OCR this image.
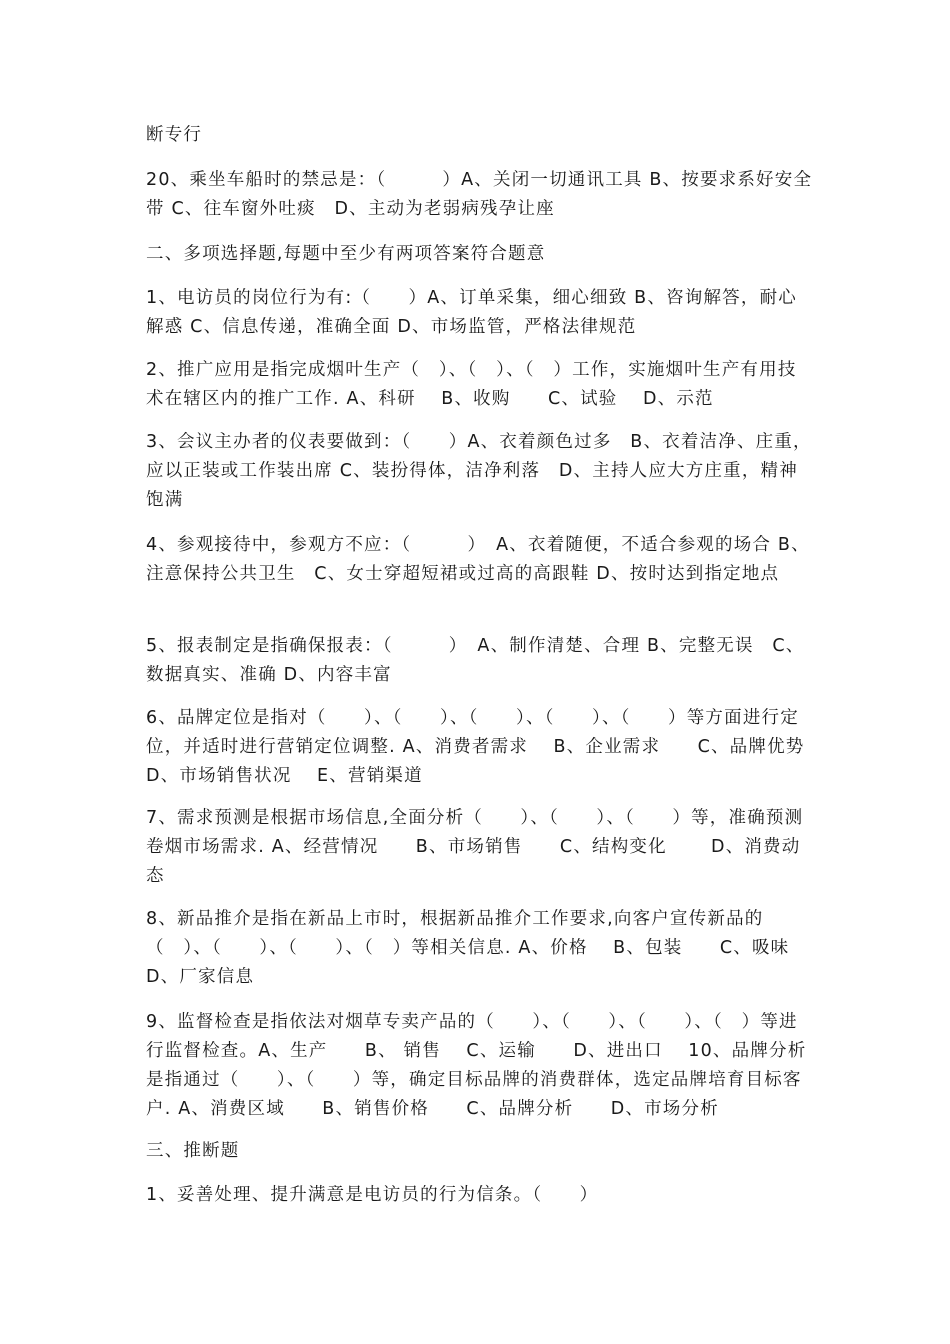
断专行

20、乘坐车船时的禁忌是：（　　　）A、关闭一切通讯工具 B、按要求系好安全带 C、往车窗外吐痰　D、主动为老弱病残孕让座

二、多项选择题,每题中至少有两项答案符合题意

1、电访员的岗位行为有:（　　）A、订单采集，细心细致 B、咨询解答，耐心解惑 C、信息传递，准确全面 D、市场监管，严格法律规范

2、推广应用是指完成烟叶生产（　）、（　）、（　）工作，实施烟叶生产有用技术在辖区内的推广工作. A、科研　 B、收购　　C、试验　 D、示范

3、会议主办者的仪表要做到：（　　）A、衣着颜色过多　B、衣着洁净、庄重，应以正装或工作装出席 C、装扮得体，洁净利落　D、主持人应大方庄重，精神饱满

4、参观接待中，参观方不应：（　　　）　A、衣着随便，不适合参观的场合 B、注意保持公共卫生　C、女士穿超短裙或过高的高跟鞋 D、按时达到指定地点

5、报表制定是指确保报表：（　　　）　A、制作清楚、合理 B、完整无误　C、数据真实、准确 D、内容丰富

6、品牌定位是指对（　　）、（　　）、（　　）、（　　）、（　　）等方面进行定位，并适时进行营销定位调整. A、消费者需求　 B、企业需求　　C、品牌优势　　D、市场销售状况　 E、营销渠道

7、需求预测是根据市场信息,全面分析（　　）、（　　）、（　　）等，准确预测卷烟市场需求. A、经营情况　　B、市场销售　　C、结构变化　　 D、消费动态

8、新品推介是指在新品上市时，根据新品推介工作要求,向客户宣传新品的（　）、（　　）、（　　）、（　）等相关信息. A、价格　 B、包装　　C、吸味　D、厂家信息

9、监督检查是指依法对烟草专卖产品的（　　）、（　　）、（　　）、（　）等进行监督检查。A、生产　　B、 销售　 C、运输　　D、进出口　 10、品牌分析是指通过（　　）、（　　）等，确定目标品牌的消费群体，选定品牌培育目标客户. A、消费区域　　B、销售价格　　C、品牌分析　　D、市场分析

三、推断题

1、妥善处理、提升满意是电访员的行为信条。（　　）
